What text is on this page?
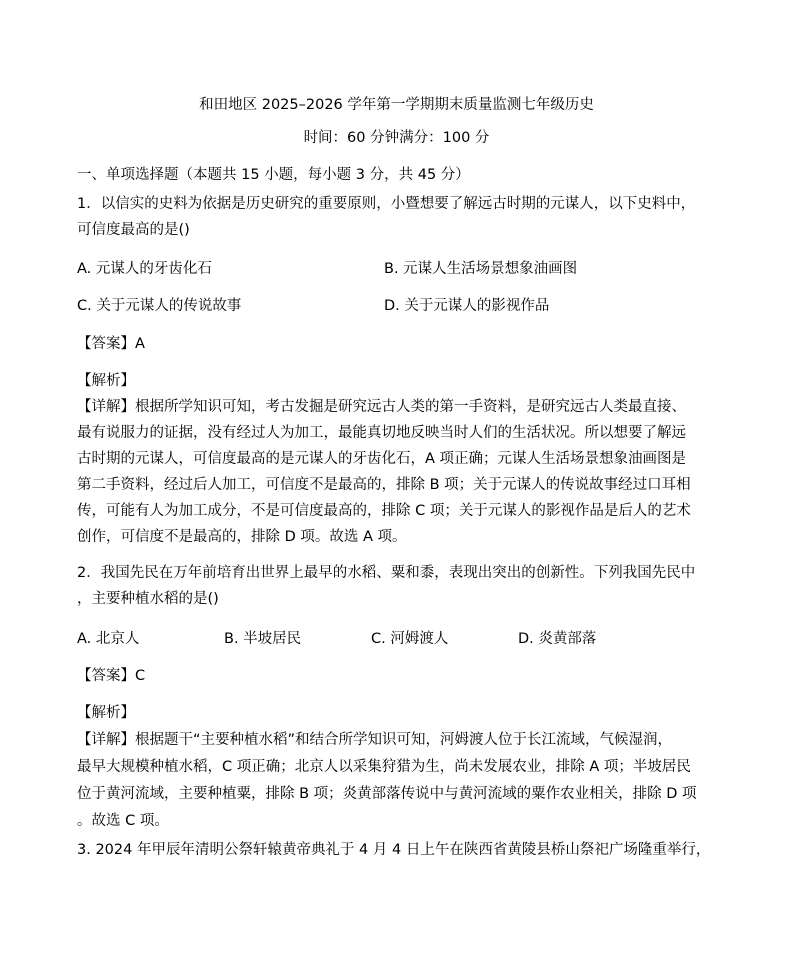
和田地区 2025–2026 学年第一学期期末质量监测七年级历史
时间：60 分钟满分：100 分
一、单项选择题（本题共 15 小题，每小题 3 分，共 45 分）
1．以信实的史料为依据是历史研究的重要原则，小暨想要了解远古时期的元谋人，以下史料中，
可信度最高的是()
A. 元谋人的牙齿化石	B. 元谋人生活场景想象油画图
C. 关于元谋人的传说故事	D. 关于元谋人的影视作品
【答案】A
【解析】
【详解】根据所学知识可知，考古发掘是研究远古人类的第一手资料，是研究远古人类最直接、
最有说服力的证据，没有经过人为加工，最能真切地反映当时人们的生活状况。所以想要了解远
古时期的元谋人，可信度最高的是元谋人的牙齿化石，A 项正确；元谋人生活场景想象油画图是
第二手资料，经过后人加工，可信度不是最高的，排除 B 项；关于元谋人的传说故事经过口耳相
传，可能有人为加工成分，不是可信度最高的，排除 C 项；关于元谋人的影视作品是后人的艺术
创作，可信度不是最高的，排除 D 项。故选 A 项。
2．我国先民在万年前培育出世界上最早的水稻、粟和黍，表现出突出的创新性。下列我国先民中
，主要种植水稻的是()
A. 北京人	B. 半坡居民	C. 河姆渡人	D. 炎黄部落
【答案】C
【解析】
【详解】根据题干“主要种植水稻”和结合所学知识可知，河姆渡人位于长江流域，气候湿润，
最早大规模种植水稻，C 项正确；北京人以采集狩猎为生，尚未发展农业，排除 A 项；半坡居民
位于黄河流域，主要种植粟，排除 B 项；炎黄部落传说中与黄河流域的粟作农业相关，排除 D 项
。故选 C 项。
3. 2024 年甲辰年清明公祭轩辕黄帝典礼于 4 月 4 日上午在陕西省黄陵县桥山祭祀广场隆重举行，
